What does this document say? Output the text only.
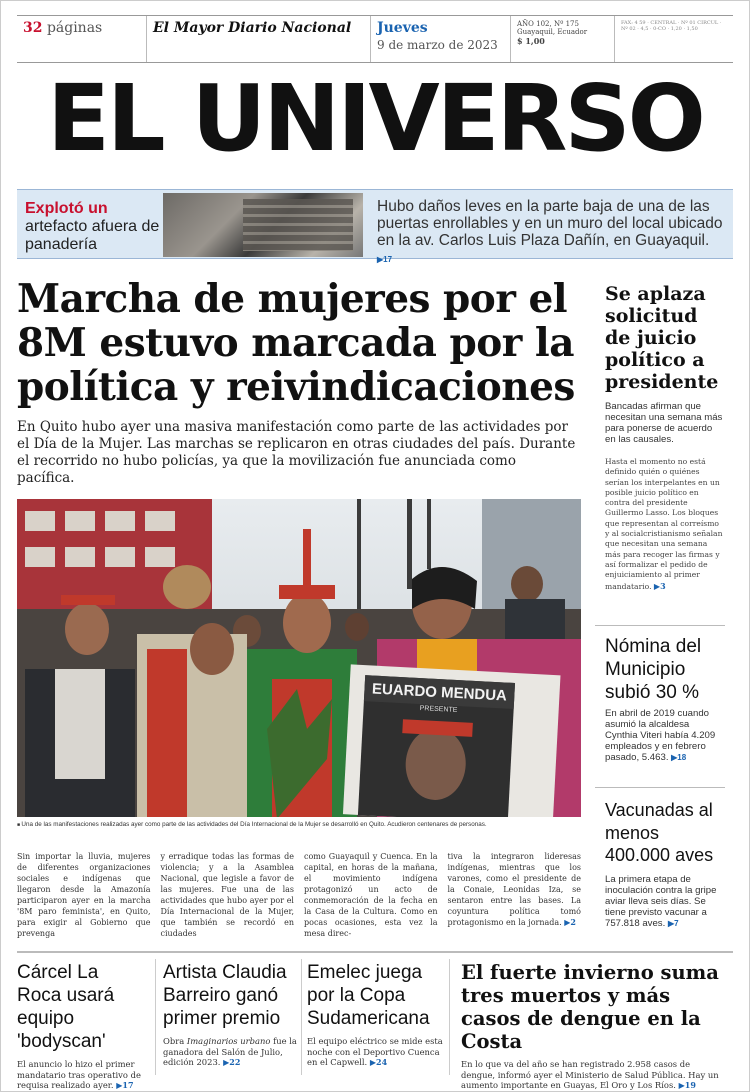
32 páginas	El Mayor Diario Nacional	Jueves
9 de marzo de 2023
AÑO 102, Nº 175
Guayaquil, Ecuador
$ 1,00
FAX: 4 59 · CENTRAL · Nº 01 CIRCUL · Nº 02 · 4,5 · 0-CO · 1,20 · 1,50
EL UNIVERSO
Explotó un
artefacto afuera de panadería
Hubo daños leves en la parte baja de una de las puertas enrollables y en un muro del local ubicado en la av. Carlos Luis Plaza Dañín, en Guayaquil. ▶17
Marcha de mujeres por el 8M estuvo marcada por la política y reivindicaciones

En Quito hubo ayer una masiva manifestación como parte de las actividades por el Día de la Mujer. Las marchas se replicaron en otras ciudades del país. Durante el recorrido no hubo policías, ya que la movilización fue anunciada como pacífica.

EUARDO MENDUA
PRESENTE
■ Una de las manifestaciones realizadas ayer como parte de las actividades del Día Internacional de la Mujer se desarrolló en Quito. Acudieron centenares de personas.
Sin importar la lluvia, mujeres de diferentes organizaciones sociales e indígenas que llegaron desde la Amazonía participaron ayer en la marcha '8M paro feminista', en Quito, para exigir al Gobierno que prevenga
y erradique todas las formas de violencia; y a la Asamblea Nacional, que legisle a favor de las mujeres. Fue una de las actividades que hubo ayer por el Día Internacional de la Mujer, que también se recordó en ciudades
como Guayaquil y Cuenca. En la capital, en horas de la mañana, el movimiento indígena protagonizó un acto de conmemoración de la fecha en la Casa de la Cultura. Como en pocas ocasiones, esta vez la mesa direc-
tiva la integraron lideresas indígenas, mientras que los varones, como el presidente de la Conaie, Leonidas Iza, se sentaron entre las bases. La coyuntura política tomó protagonismo en la jornada. ▶2
Se aplaza solicitud de juicio político a presidente
Bancadas afirman que necesitan una semana más para ponerse de acuerdo en las causales.
Hasta el momento no está definido quién o quiénes serían los interpelantes en un posible juicio político en contra del presidente Guillermo Lasso. Los bloques que representan al correísmo y al socialcristianismo señalan que necesitan una semana más para recoger las firmas y así formalizar el pedido de enjuiciamiento al primer mandatario. ▶3
Nómina del Municipio subió 30 %
En abril de 2019 cuando asumió la alcaldesa Cynthia Viteri había 4.209 empleados y en febrero pasado, 5.463. ▶18
Vacunadas al menos 400.000 aves
La primera etapa de inoculación contra la gripe aviar lleva seis días. Se tiene previsto vacunar a 757.818 aves. ▶7
Cárcel La Roca usará equipo 'bodyscan'

El anuncio lo hizo el primer mandatario tras operativo de requisa realizado ayer. ▶17

Artista Claudia Barreiro ganó primer premio

Obra Imaginarios urbano fue la ganadora del Salón de Julio, edición 2023. ▶22

Emelec juega por la Copa Sudamericana

El equipo eléctrico se mide esta noche con el Deportivo Cuenca en el Capwell. ▶24

El fuerte invierno suma tres muertos y más casos de dengue en la Costa

En lo que va del año se han registrado 2.958 casos de dengue, informó ayer el Ministerio de Salud Pública. Hay un aumento importante en Guayas, El Oro y Los Ríos. ▶19
